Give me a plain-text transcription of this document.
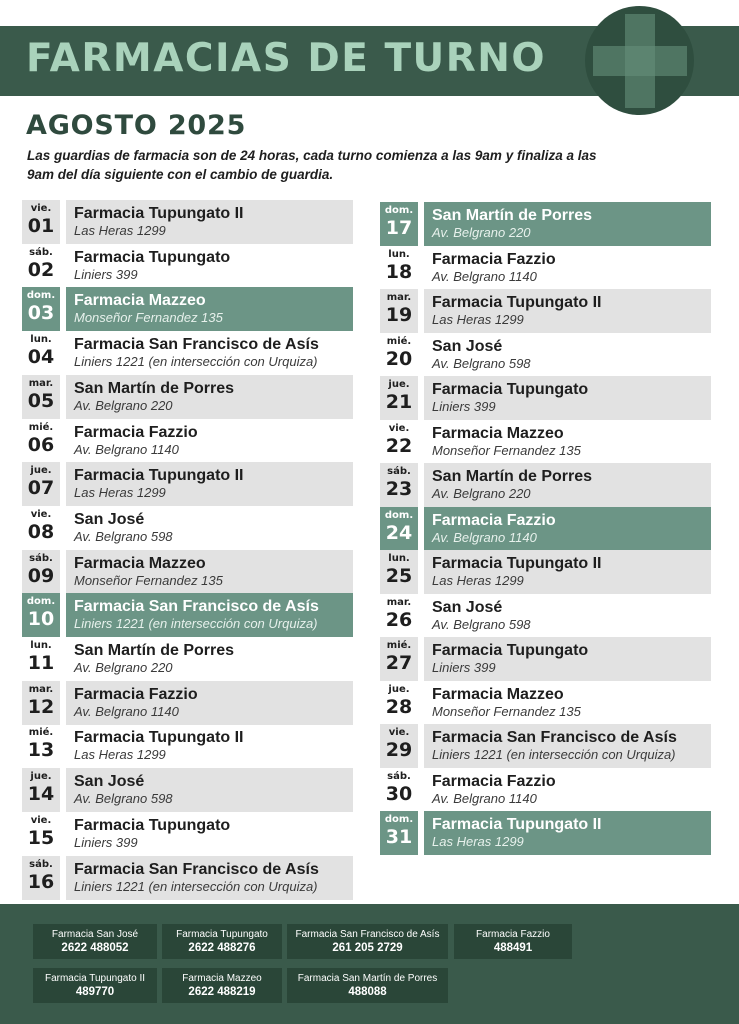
FARMACIAS DE TURNO
AGOSTO 2025

Las guardias de farmacia son de 24 horas, cada turno comienza a las 9am y finaliza a las 9am del día siguiente con el cambio de guardia.

vie.
01
Farmacia Tupungato II
Las Heras 1299
sáb.
02
Farmacia Tupungato
Liniers 399
dom.
03
Farmacia Mazzeo
Monseñor Fernandez 135
lun.
04
Farmacia San Francisco de Asís
Liniers 1221 (en intersección con Urquiza)
mar.
05
San Martín de Porres
Av. Belgrano 220
mié.
06
Farmacia Fazzio
Av. Belgrano 1140
jue.
07
Farmacia Tupungato II
Las Heras 1299
vie.
08
San José
Av. Belgrano 598
sáb.
09
Farmacia Mazzeo
Monseñor Fernandez 135
dom.
10
Farmacia San Francisco de Asís
Liniers 1221 (en intersección con Urquiza)
lun.
11
San Martín de Porres
Av. Belgrano 220
mar.
12
Farmacia Fazzio
Av. Belgrano 1140
mié.
13
Farmacia Tupungato II
Las Heras 1299
jue.
14
San José
Av. Belgrano 598
vie.
15
Farmacia Tupungato
Liniers 399
sáb.
16
Farmacia San Francisco de Asís
Liniers 1221 (en intersección con Urquiza)
dom.
17
San Martín de Porres
Av. Belgrano 220
lun.
18
Farmacia Fazzio
Av. Belgrano 1140
mar.
19
Farmacia Tupungato II
Las Heras 1299
mié.
20
San José
Av. Belgrano 598
jue.
21
Farmacia Tupungato
Liniers 399
vie.
22
Farmacia Mazzeo
Monseñor Fernandez 135
sáb.
23
San Martín de Porres
Av. Belgrano 220
dom.
24
Farmacia Fazzio
Av. Belgrano 1140
lun.
25
Farmacia Tupungato II
Las Heras 1299
mar.
26
San José
Av. Belgrano 598
mié.
27
Farmacia Tupungato
Liniers 399
jue.
28
Farmacia Mazzeo
Monseñor Fernandez 135
vie.
29
Farmacia San Francisco de Asís
Liniers 1221 (en intersección con Urquiza)
sáb.
30
Farmacia Fazzio
Av. Belgrano 1140
dom.
31
Farmacia Tupungato II
Las Heras 1299
Farmacia San José
2622 488052
Farmacia Tupungato
2622 488276
Farmacia San Francisco de Asís
261 205 2729
Farmacia Fazzio
488491
Farmacia Tupungato II
489770
Farmacia Mazzeo
2622 488219
Farmacia San Martín de Porres
488088
